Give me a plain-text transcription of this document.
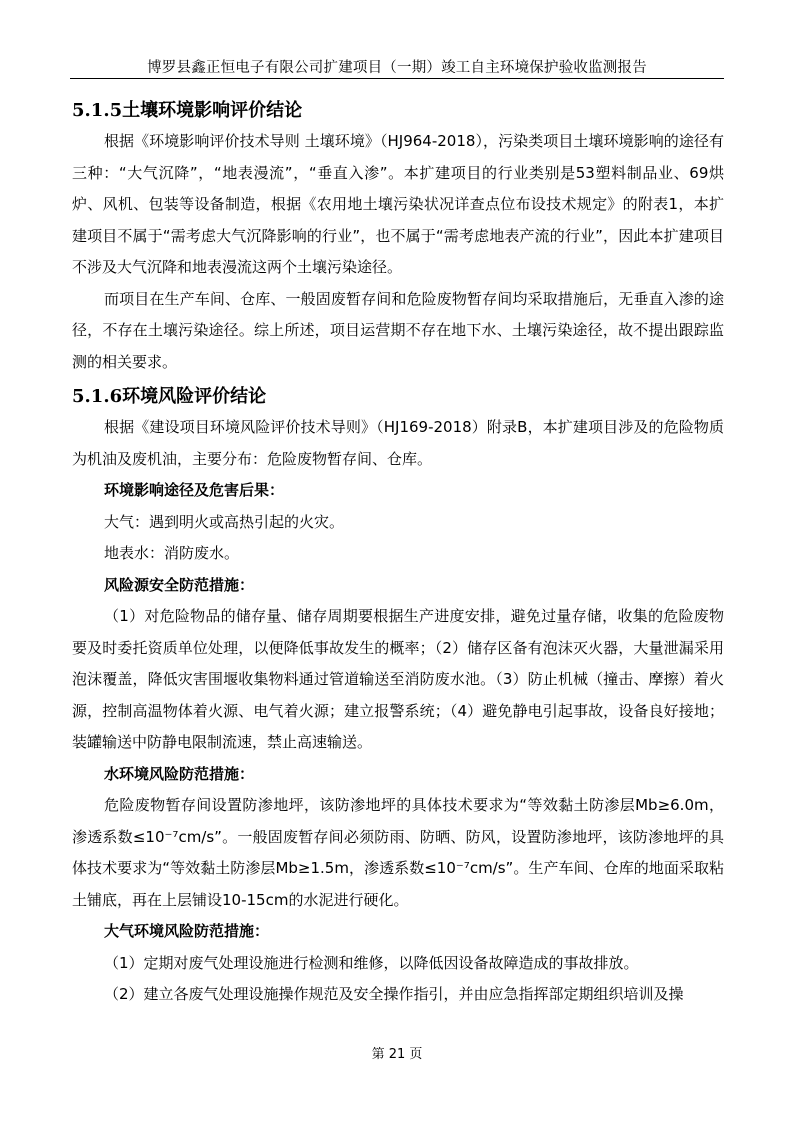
博罗县鑫正恒电子有限公司扩建项目（一期）竣工自主环境保护验收监测报告

5.1.5土壤环境影响评价结论

根据《环境影响评价技术导则 土壤环境》（HJ964-2018），污染类项目土壤环境影响的途径有三种：“大气沉降”，“地表漫流”，“垂直入渗”。本扩建项目的行业类别是53塑料制品业、69烘炉、风机、包装等设备制造，根据《农用地土壤污染状况详查点位布设技术规定》的附表1，本扩建项目不属于“需考虑大气沉降影响的行业”，也不属于“需考虑地表产流的行业”，因此本扩建项目不涉及大气沉降和地表漫流这两个土壤污染途径。

而项目在生产车间、仓库、一般固废暂存间和危险废物暂存间均采取措施后，无垂直入渗的途径，不存在土壤污染途径。综上所述，项目运营期不存在地下水、土壤污染途径，故不提出跟踪监测的相关要求。

5.1.6环境风险评价结论

根据《建设项目环境风险评价技术导则》（HJ169-2018）附录B，本扩建项目涉及的危险物质为机油及废机油，主要分布：危险废物暂存间、仓库。

环境影响途径及危害后果：

大气：遇到明火或高热引起的火灾。

地表水：消防废水。

风险源安全防范措施：

（1）对危险物品的储存量、储存周期要根据生产进度安排，避免过量存储，收集的危险废物要及时委托资质单位处理，以便降低事故发生的概率；（2）储存区备有泡沫灭火器，大量泄漏采用泡沫覆盖，降低灾害围堰收集物料通过管道输送至消防废水池。（3）防止机械（撞击、摩擦）着火源，控制高温物体着火源、电气着火源；建立报警系统；（4）避免静电引起事故，设备良好接地；装罐输送中防静电限制流速，禁止高速输送。

水环境风险防范措施：

危险废物暂存间设置防渗地坪，该防渗地坪的具体技术要求为“等效黏土防渗层Mb≥6.0m，渗透系数≤10⁻⁷cm/s”。一般固废暂存间必须防雨、防晒、防风，设置防渗地坪，该防渗地坪的具体技术要求为“等效黏土防渗层Mb≥1.5m，渗透系数≤10⁻⁷cm/s”。生产车间、仓库的地面采取粘土铺底，再在上层铺设10-15cm的水泥进行硬化。

大气环境风险防范措施：

（1）定期对废气处理设施进行检测和维修，以降低因设备故障造成的事故排放。

（2）建立各废气处理设施操作规范及安全操作指引，并由应急指挥部定期组织培训及操

第 21 页
